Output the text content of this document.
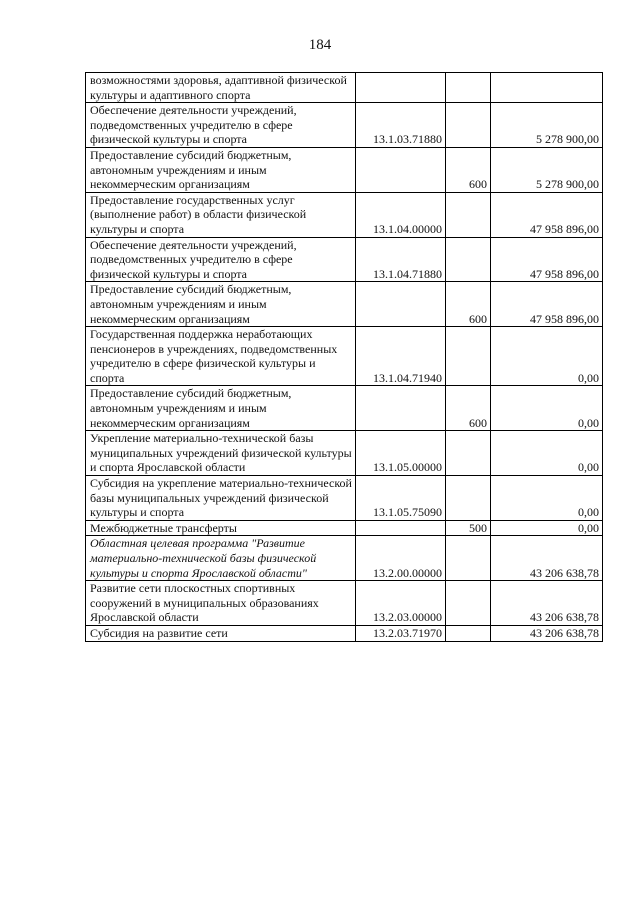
184
возможностями здоровья, адаптивной физической культуры и адаптивного спорта			
Обеспечение деятельности учреждений, подведомственных учредителю в сфере физической культуры и спорта	13.1.03.71880		5 278 900,00
Предоставление субсидий бюджетным, автономным учреждениям и иным некоммерческим организациям		600	5 278 900,00
Предоставление государственных услуг (выполнение работ) в области физической культуры и спорта	13.1.04.00000		47 958 896,00
Обеспечение деятельности учреждений, подведомственных учредителю в сфере физической культуры и спорта	13.1.04.71880		47 958 896,00
Предоставление субсидий бюджетным, автономным учреждениям и иным некоммерческим организациям		600	47 958 896,00
Государственная поддержка неработающих пенсионеров в учреждениях, подведомственных учредителю в сфере физической культуры и спорта	13.1.04.71940		0,00
Предоставление субсидий бюджетным, автономным учреждениям и иным некоммерческим организациям		600	0,00
Укрепление материально-технической базы муниципальных учреждений физической культуры и спорта Ярославской области	13.1.05.00000		0,00
Субсидия на укрепление материально-технической базы муниципальных учреждений физической культуры и спорта	13.1.05.75090		0,00
Межбюджетные трансферты		500	0,00
Областная целевая программа "Развитие материально-технической базы физической культуры и спорта Ярославской области"	13.2.00.00000		43 206 638,78
Развитие сети плоскостных спортивных сооружений в муниципальных образованиях Ярославской области	13.2.03.00000		43 206 638,78
Субсидия на развитие сети	13.2.03.71970		43 206 638,78
